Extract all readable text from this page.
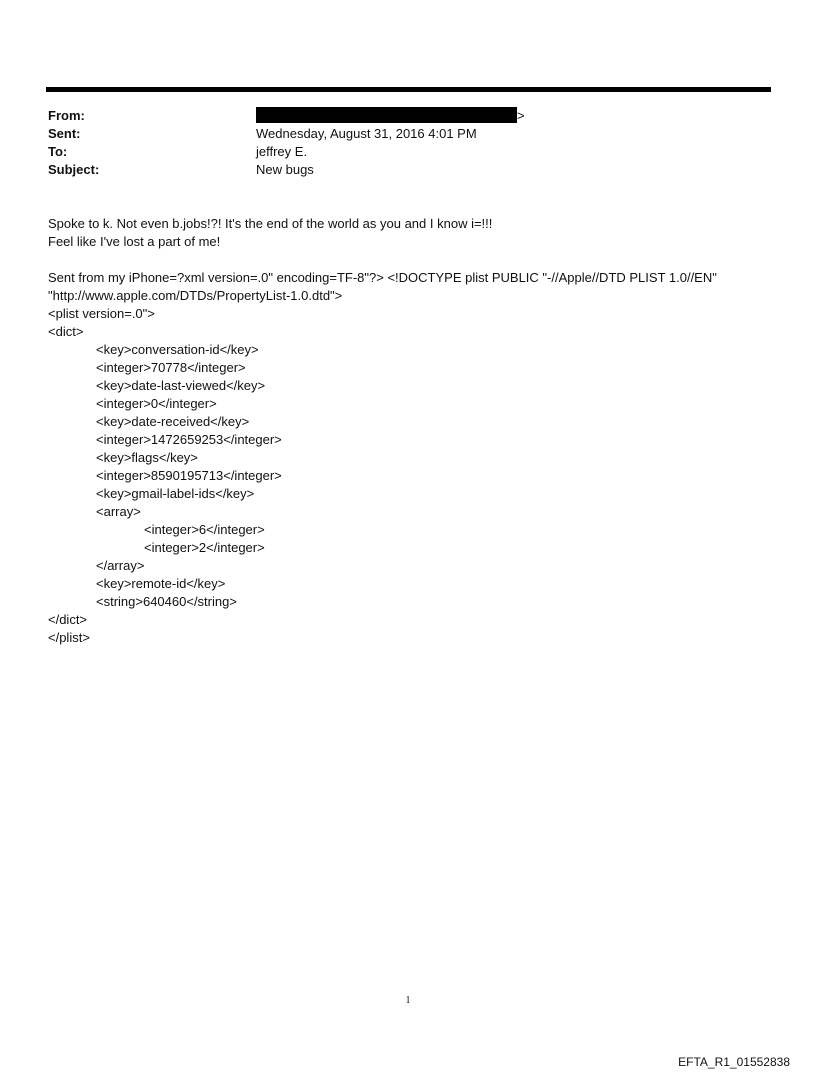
From:	>
Sent:	Wednesday, August 31, 2016 4:01 PM
To:	jeffrey E.
Subject:	New bugs
Spoke to k. Not even b.jobs!?! It's the end of the world as you and I know i=!!!
Feel like I've lost a part of me!
Sent from my iPhone=?xml version=.0" encoding=TF-8"?> <!DOCTYPE plist PUBLIC "-//Apple//DTD PLIST 1.0//EN"
"http://www.apple.com/DTDs/PropertyList-1.0.dtd">
<plist version=.0">
<dict>
<key>conversation-id</key>
<integer>70778</integer>
<key>date-last-viewed</key>
<integer>0</integer>
<key>date-received</key>
<integer>1472659253</integer>
<key>flags</key>
<integer>8590195713</integer>
<key>gmail-label-ids</key>
<array>
<integer>6</integer>
<integer>2</integer>
</array>
<key>remote-id</key>
<string>640460</string>
</dict>
</plist>
1
EFTA_R1_01552838
